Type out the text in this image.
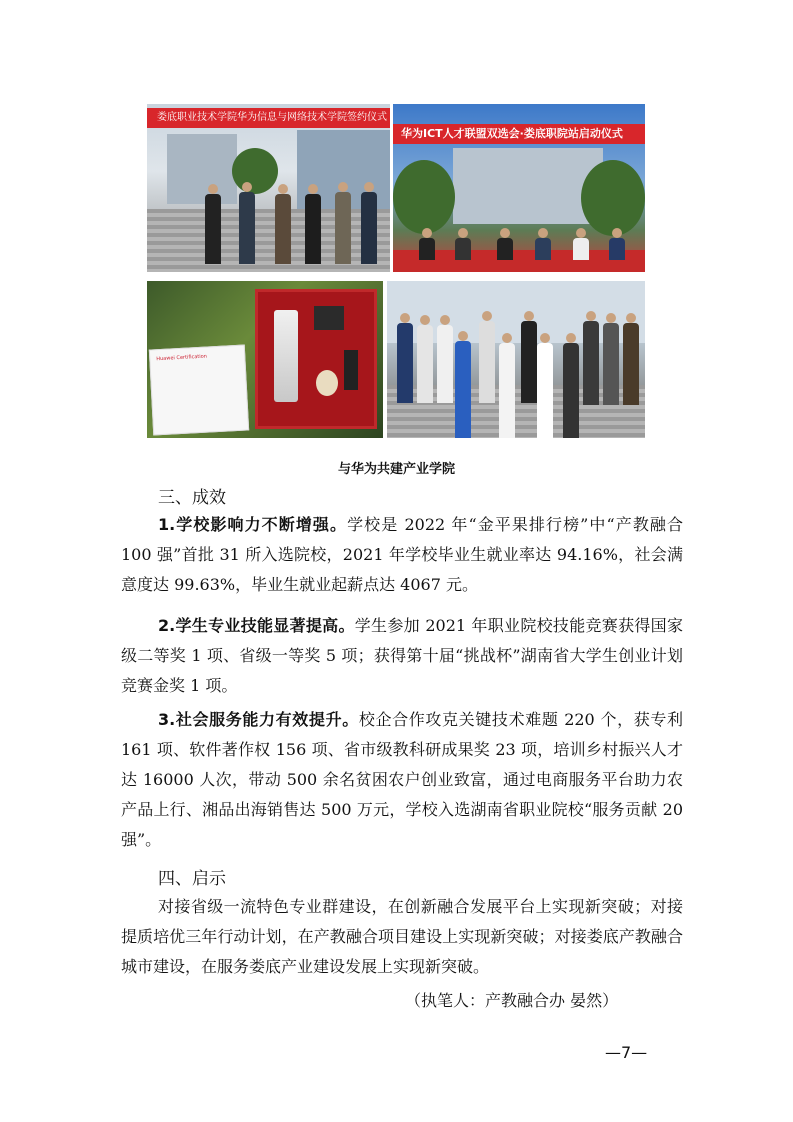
娄底职业技术学院华为信息与网络技术学院签约仪式
华为ICT人才联盟双选会·娄底职院站启动仪式
Huawei Certification
与华为共建产业学院
三、成效

1.学校影响力不断增强。学校是 2022 年“金平果排行榜”中“产教融合 100 强”首批 31 所入选院校，2021 年学校毕业生就业率达 94.16%，社会满意度达 99.63%，毕业生就业起薪点达 4067 元。

2.学生专业技能显著提高。学生参加 2021 年职业院校技能竞赛获得国家级二等奖 1 项、省级一等奖 5 项；获得第十届“挑战杯”湖南省大学生创业计划竞赛金奖 1 项。

3.社会服务能力有效提升。校企合作攻克关键技术难题 220 个，获专利 161 项、软件著作权 156 项、省市级教科研成果奖 23 项，培训乡村振兴人才达 16000 人次，带动 500 余名贫困农户创业致富，通过电商服务平台助力农产品上行、湘品出海销售达 500 万元，学校入选湖南省职业院校“服务贡献 20 强”。

四、启示

对接省级一流特色专业群建设，在创新融合发展平台上实现新突破；对接提质培优三年行动计划，在产教融合项目建设上实现新突破；对接娄底产教融合城市建设，在服务娄底产业建设发展上实现新突破。

（执笔人：产教融合办 晏然）
—7—
